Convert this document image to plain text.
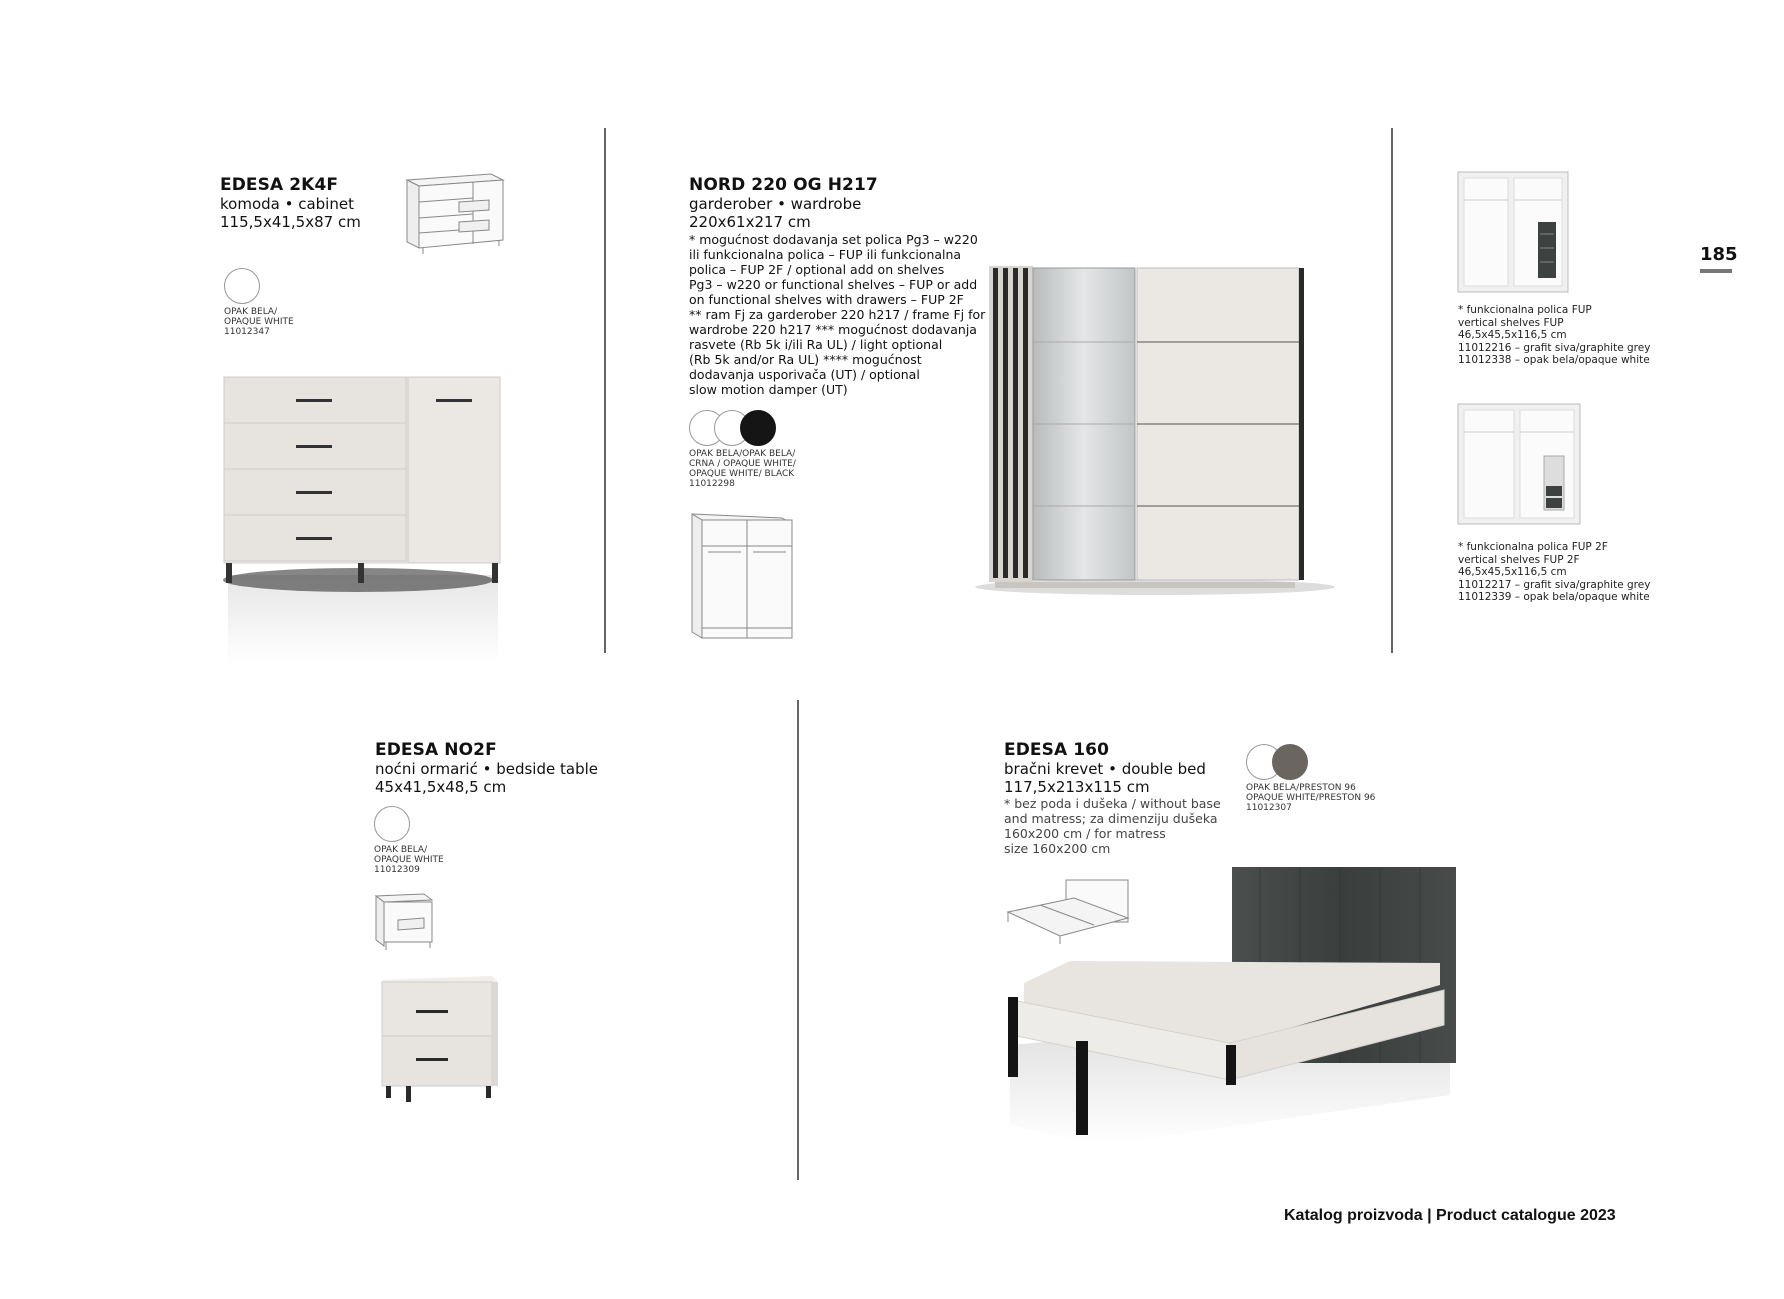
185
EDESA 2K4F
komoda • cabinet
115,5x41,5x87 cm
OPAK BELA/
OPAQUE WHITE
11012347
NORD 220 OG H217
garderober • wardrobe
220x61x217 cm
* mogućnost dodavanja set polica Pg3 – w220
ili funkcionalna polica – FUP ili funkcionalna
polica – FUP 2F / optional add on shelves
Pg3 – w220 or functional shelves – FUP or add
on functional shelves with drawers – FUP 2F
** ram Fj za garderober 220 h217 / frame Fj for
wardrobe 220 h217 *** mogućnost dodavanja
rasvete (Rb 5k i/ili Ra UL) / light optional
(Rb 5k and/or Ra UL) **** mogućnost
dodavanja usporivača (UT) / optional
slow motion damper (UT)
OPAK BELA/OPAK BELA/
CRNA / OPAQUE WHITE/
OPAQUE WHITE/ BLACK
11012298
* funkcionalna polica FUP
vertical shelves FUP
46,5x45,5x116,5 cm
11012216 – grafit siva/graphite grey
11012338 – opak bela/opaque white
* funkcionalna polica FUP 2F
vertical shelves FUP 2F
46,5x45,5x116,5 cm
11012217 – grafit siva/graphite grey
11012339 – opak bela/opaque white
EDESA NO2F
noćni ormarić • bedside table
45x41,5x48,5 cm
OPAK BELA/
OPAQUE WHITE
11012309
EDESA 160
bračni krevet • double bed
117,5x213x115 cm
* bez poda i dušeka / without base
and matress; za dimenziju dušeka
160x200 cm / for matress
size 160x200 cm
OPAK BELA/PRESTON 96
OPAQUE WHITE/PRESTON 96
11012307
Katalog proizvoda | Product catalogue 2023
